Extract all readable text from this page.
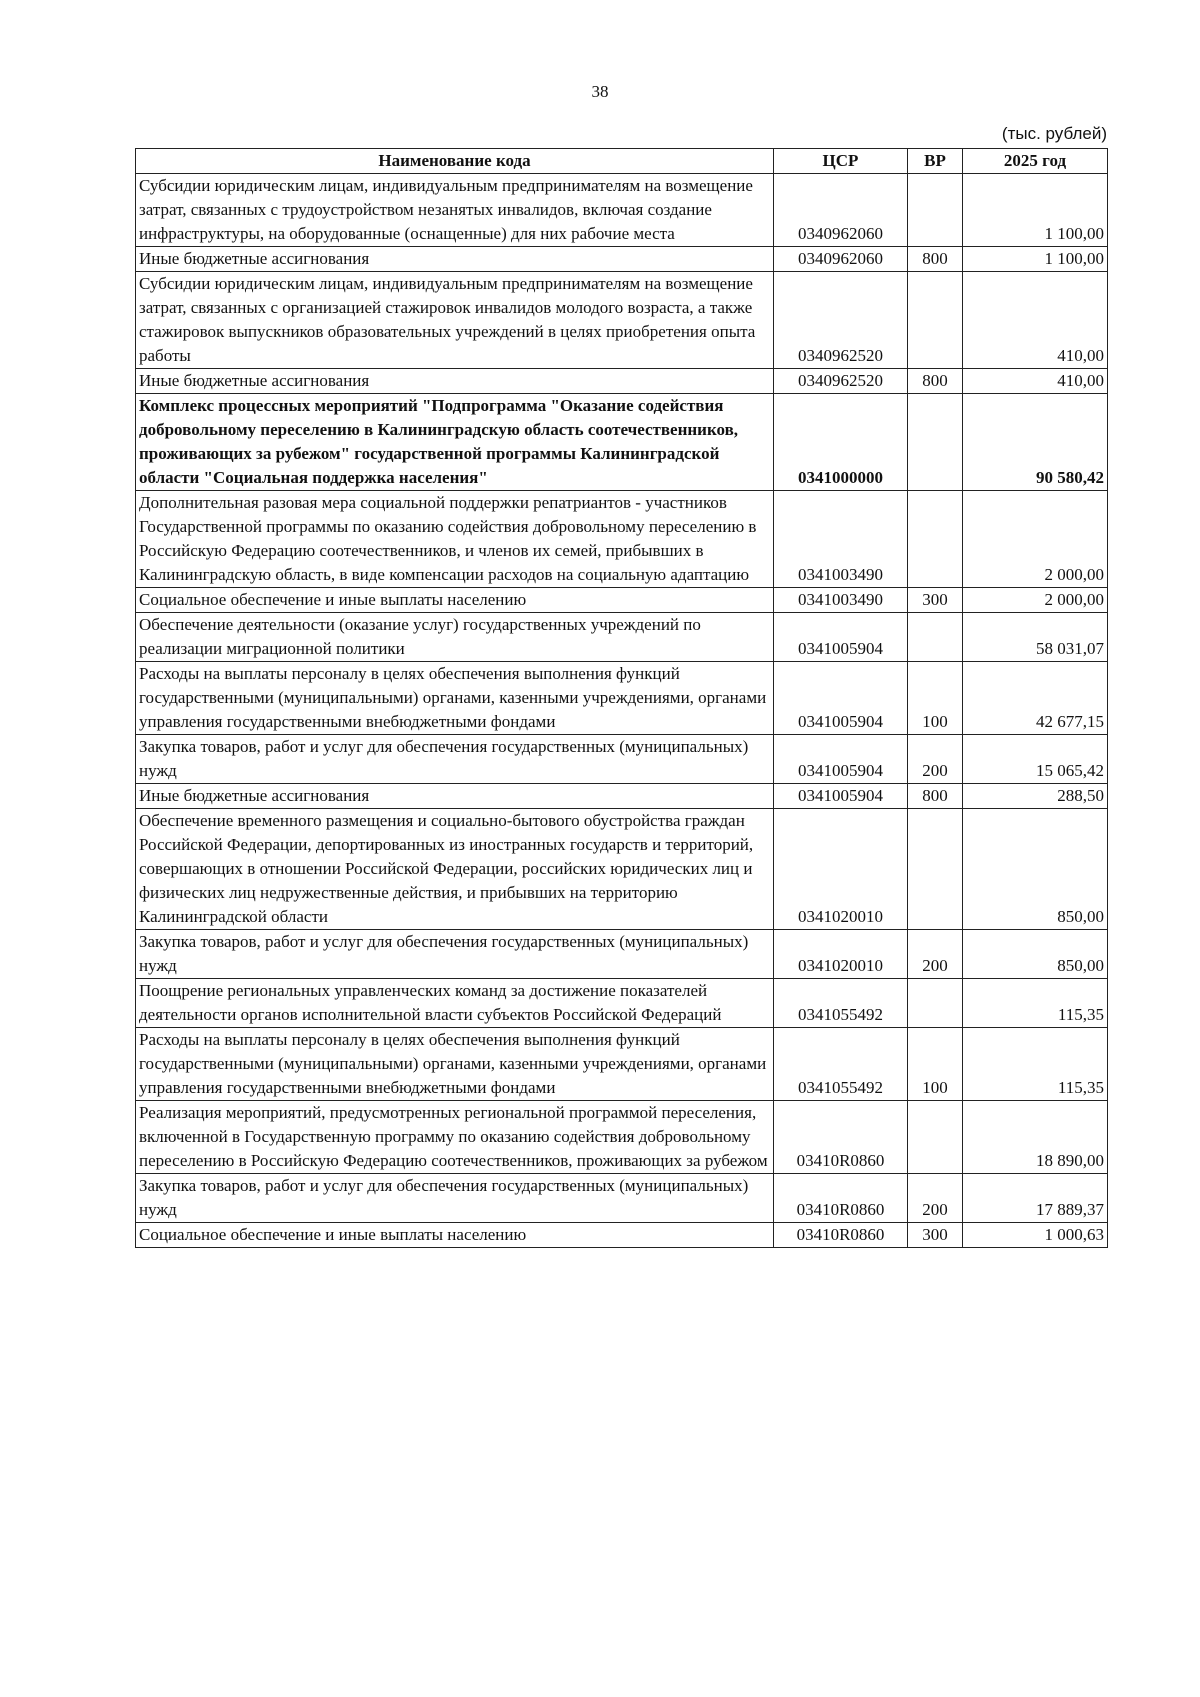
38
(тыс. рублей)
Наименование кода	ЦСР	ВР	2025 год
Субсидии юридическим лицам, индивидуальным предпринимателям на возмещение затрат, связанных с трудоустройством незанятых инвалидов, включая создание инфраструктуры, на оборудованные (оснащенные) для них рабочие места	0340962060		1 100,00
Иные бюджетные ассигнования	0340962060	800	1 100,00
Субсидии юридическим лицам, индивидуальным предпринимателям на возмещение затрат, связанных с организацией стажировок инвалидов молодого возраста, а также стажировок выпускников образовательных учреждений в целях приобретения опыта работы	0340962520		410,00
Иные бюджетные ассигнования	0340962520	800	410,00
Комплекс процессных мероприятий "Подпрограмма "Оказание содействия добровольному переселению в Калининградскую область соотечественников, проживающих за рубежом" государственной программы Калининградской области "Социальная поддержка населения"	0341000000		90 580,42
Дополнительная разовая мера социальной поддержки репатриантов - участников Государственной программы по оказанию содействия добровольному переселению в Российскую Федерацию соотечественников, и членов их семей, прибывших в Калининградскую область, в виде компенсации расходов на социальную адаптацию	0341003490		2 000,00
Социальное обеспечение и иные выплаты населению	0341003490	300	2 000,00
Обеспечение деятельности (оказание услуг) государственных учреждений по реализации миграционной политики	0341005904		58 031,07
Расходы на выплаты персоналу в целях обеспечения выполнения функций государственными (муниципальными) органами, казенными учреждениями, органами управления государственными внебюджетными фондами	0341005904	100	42 677,15
Закупка товаров, работ и услуг для обеспечения государственных (муниципальных) нужд	0341005904	200	15 065,42
Иные бюджетные ассигнования	0341005904	800	288,50
Обеспечение временного размещения и социально-бытового обустройства граждан Российской Федерации, депортированных из иностранных государств и территорий, совершающих в отношении Российской Федерации, российских юридических лиц и физических лиц недружественные действия, и прибывших на территорию Калининградской области	0341020010		850,00
Закупка товаров, работ и услуг для обеспечения государственных (муниципальных) нужд	0341020010	200	850,00
Поощрение региональных управленческих команд за достижение показателей деятельности органов исполнительной власти субъектов Российской Федераций	0341055492		115,35
Расходы на выплаты персоналу в целях обеспечения выполнения функций государственными (муниципальными) органами, казенными учреждениями, органами управления государственными внебюджетными фондами	0341055492	100	115,35
Реализация мероприятий, предусмотренных региональной программой переселения, включенной в Государственную программу по оказанию содействия добровольному переселению в Российскую Федерацию соотечественников, проживающих за рубежом	03410R0860		18 890,00
Закупка товаров, работ и услуг для обеспечения государственных (муниципальных) нужд	03410R0860	200	17 889,37
Социальное обеспечение и иные выплаты населению	03410R0860	300	1 000,63
